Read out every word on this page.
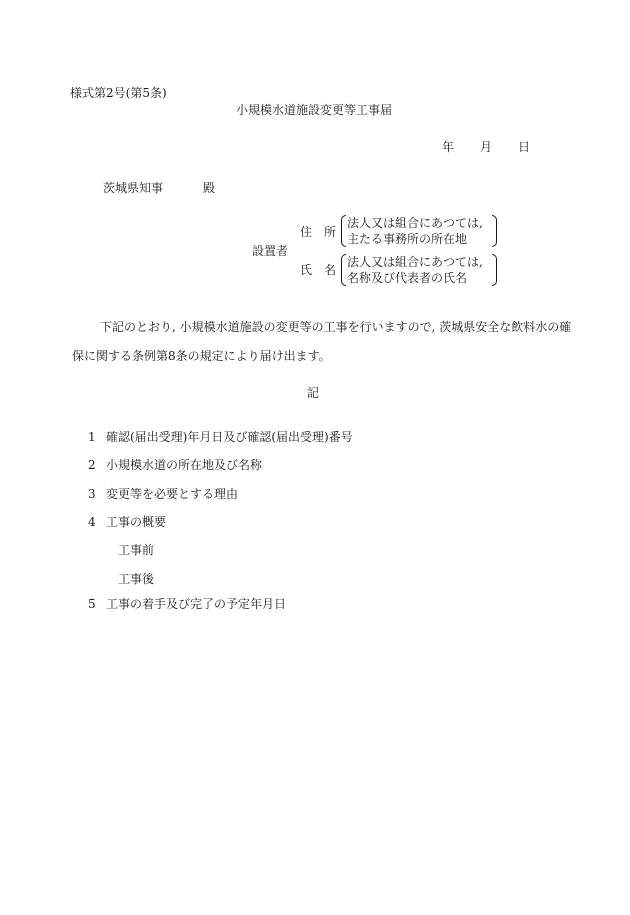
様式第2号(第5条)
小規模水道施設変更等工事届
年 月 日
茨城県知事	殿
設置者
住所
法人又は組合にあつては,
主たる事務所の所在地
氏名
法人又は組合にあつては,
名称及び代表者の氏名
下記のとおり, 小規模水道施設の変更等の工事を行いますので, 茨城県安全な飲料水の確保に関する条例第8条の規定により届け出ます。
記
1 確認(届出受理)年月日及び確認(届出受理)番号
2 小規模水道の所在地及び名称
3 変更等を必要とする理由
4 工事の概要
工事前
工事後
5 工事の着手及び完了の予定年月日
